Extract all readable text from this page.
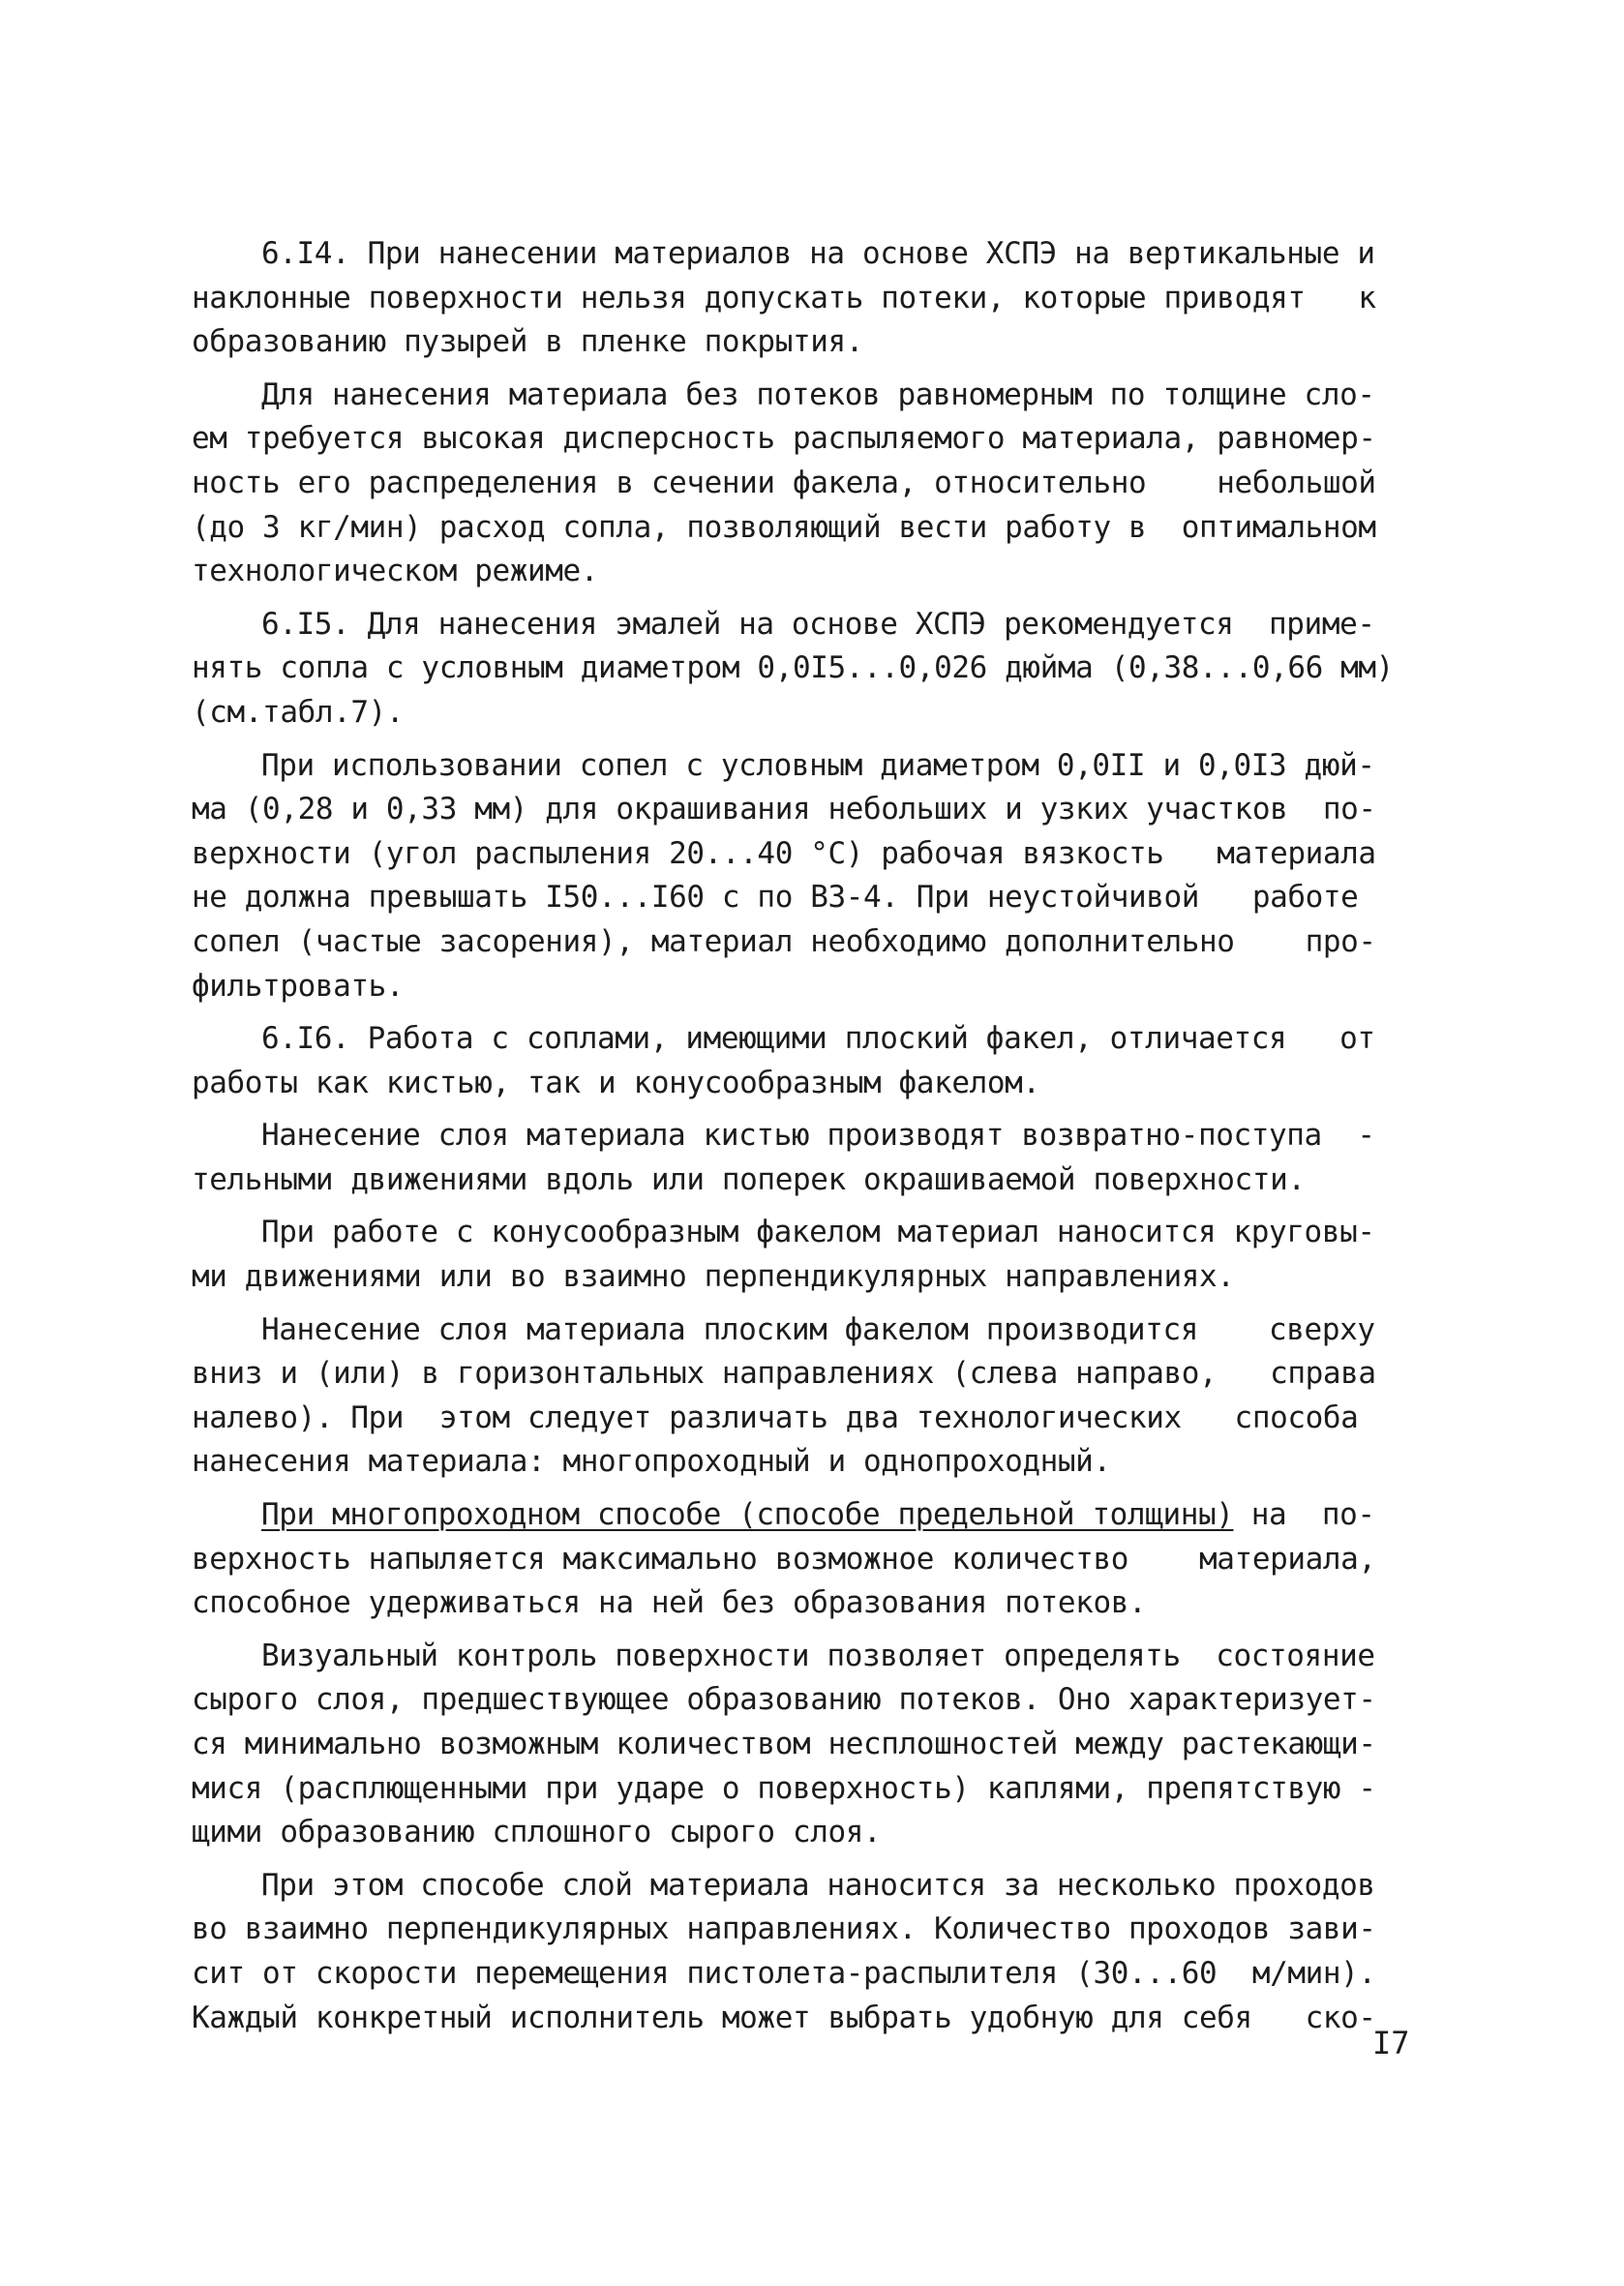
6.I4. При нанесении материалов на основе ХСПЭ на вертикальные и
наклонные поверхности нельзя допускать потеки, которые приводят   к
образованию пузырей в пленке покрытия.
Для нанесения материала без потеков равномерным по толщине сло-
ем требуется высокая дисперсность распыляемого материала, равномер-
ность его распределения в сечении факела, относительно    небольшой
(до 3 кг/мин) расход сопла, позволяющий вести работу в  оптимальном
технологическом режиме.
6.I5. Для нанесения эмалей на основе ХСПЭ рекомендуется  приме-
нять сопла с условным диаметром 0,0I5...0,026 дюйма (0,38...0,66 мм)
(см.табл.7).
При использовании сопел с условным диаметром 0,0II и 0,0I3 дюй-
ма (0,28 и 0,33 мм) для окрашивания небольших и узких участков  по-
верхности (угол распыления 20...40 °С) рабочая вязкость   материала
не должна превышать I50...I60 с по ВЗ-4. При неустойчивой   работе
сопел (частые засорения), материал необходимо дополнительно    про-
фильтровать.
6.I6. Работа с соплами, имеющими плоский факел, отличается   от
работы как кистью, так и конусообразным факелом.
Нанесение слоя материала кистью производят возвратно-поступа  -
тельными движениями вдоль или поперек окрашиваемой поверхности.
При работе с конусообразным факелом материал наносится круговы-
ми движениями или во взаимно перпендикулярных направлениях.
Нанесение слоя материала плоским факелом производится    сверху
вниз и (или) в горизонтальных направлениях (слева направо,   справа
налево). При  этом следует различать два технологических   способа
нанесения материала: многопроходный и однопроходный.
При многопроходном способе (способе предельной толщины) на  по-
верхность напыляется максимально возможное количество    материала,
способное удерживаться на ней без образования потеков.
Визуальный контроль поверхности позволяет определять  состояние
сырого слоя, предшествующее образованию потеков. Оно характеризует-
ся минимально возможным количеством несплошностей между растекающи-
мися (расплющенными при ударе о поверхность) каплями, препятствую -
щими образованию сплошного сырого слоя.
При этом способе слой материала наносится за несколько проходов
во взаимно перпендикулярных направлениях. Количество проходов зави-
сит от скорости перемещения пистолета-распылителя (30...60  м/мин).
Каждый конкретный исполнитель может выбрать удобную для себя   ско-
I7
